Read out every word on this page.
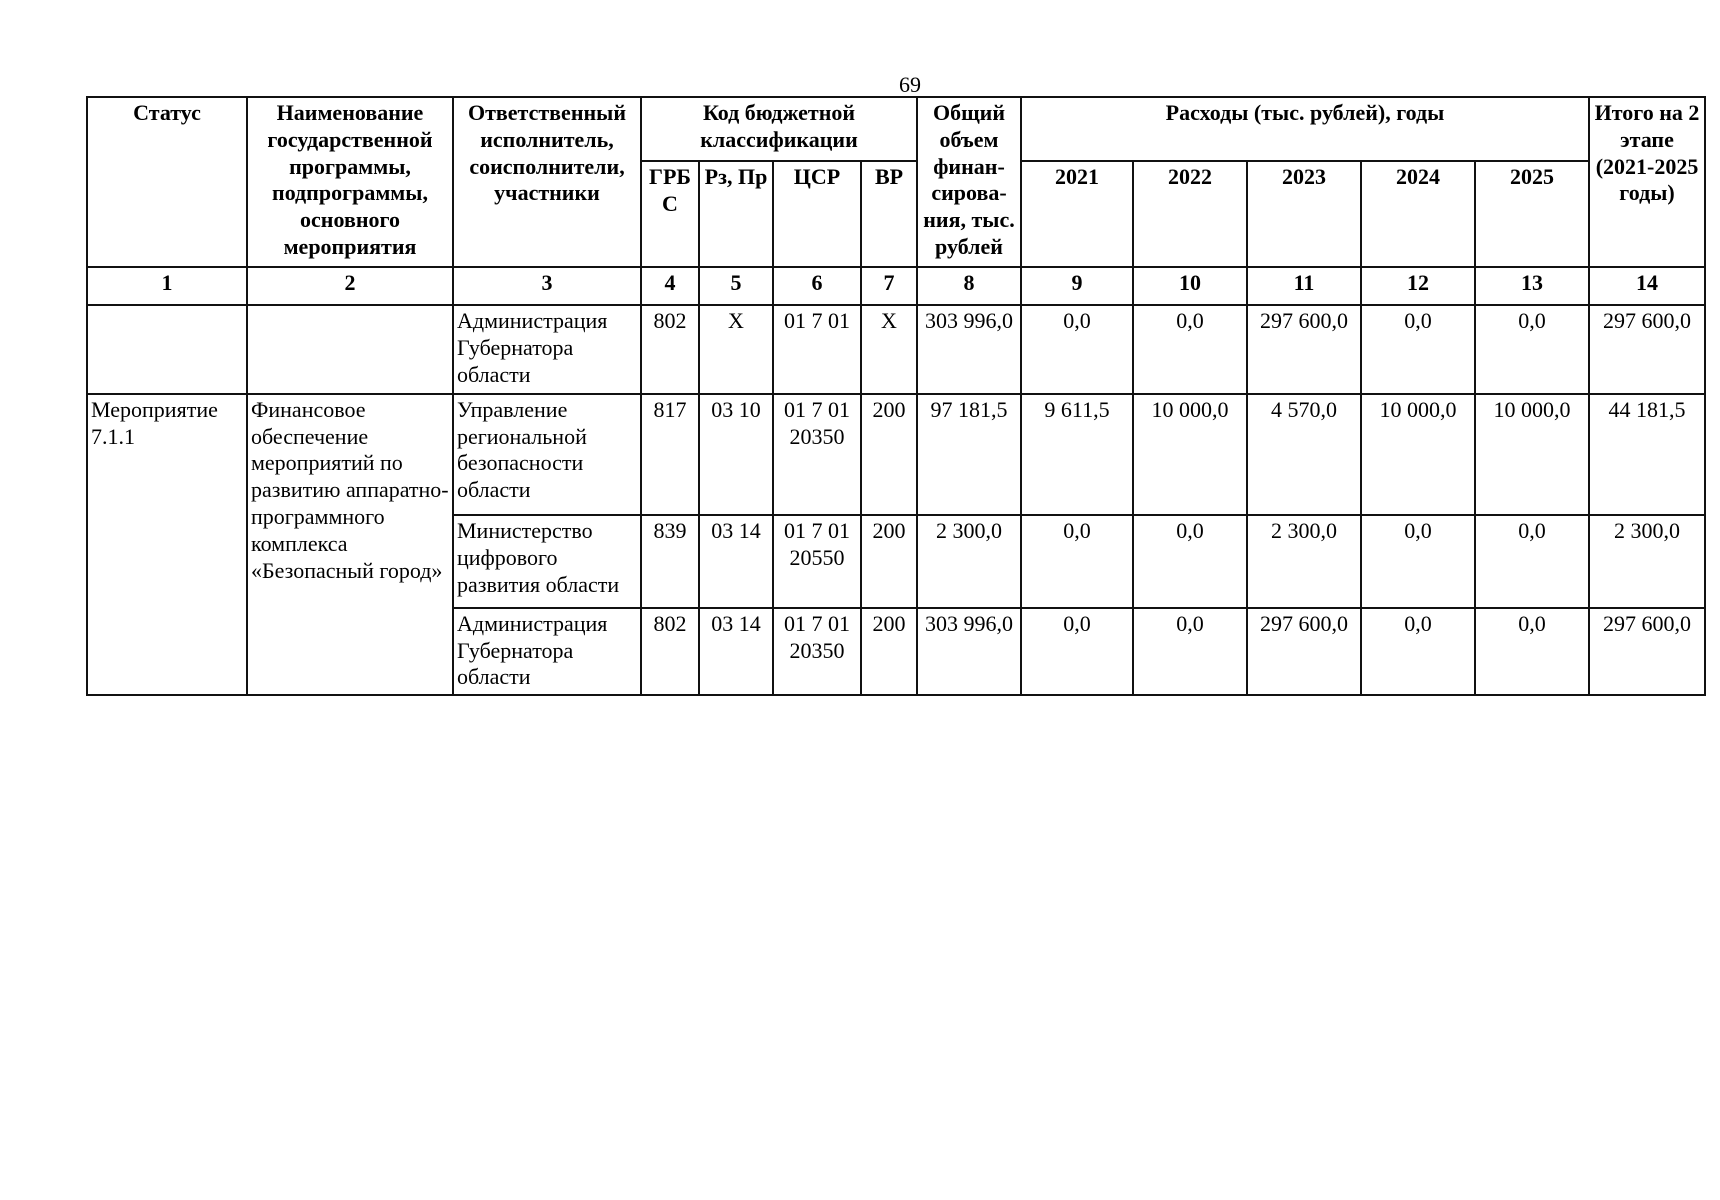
69
Статус	Наименование государственной программы, подпрограммы, основного мероприятия	Ответственный исполнитель, соисполнители, участники	Код бюджетной классификации				Общий объем финан-сирова-ния, тыс. рублей	Расходы (тыс. рублей), годы					Итого на 2 этапе (2021-2025 годы)
			ГРБ С	Рз, Пр	ЦСР	ВР		2021	2022	2023	2024	2025	
1	2	3	4	5	6	7	8	9	10	11	12	13	14
		Администрация Губернатора области	802	Х	01 7 01	Х	303 996,0	0,0	0,0	297 600,0	0,0	0,0	297 600,0
Мероприятие 7.1.1	Финансовое обеспечение мероприятий по развитию аппаратно-программного комплекса «Безопасный город»	Управление региональной безопасности области	817	03 10	01 7 01 20350	200	97 181,5	9 611,5	10 000,0	4 570,0	10 000,0	10 000,0	44 181,5
		Министерство цифрового развития области	839	03 14	01 7 01 20550	200	2 300,0	0,0	0,0	2 300,0	0,0	0,0	2 300,0
		Администрация Губернатора области	802	03 14	01 7 01 20350	200	303 996,0	0,0	0,0	297 600,0	0,0	0,0	297 600,0
